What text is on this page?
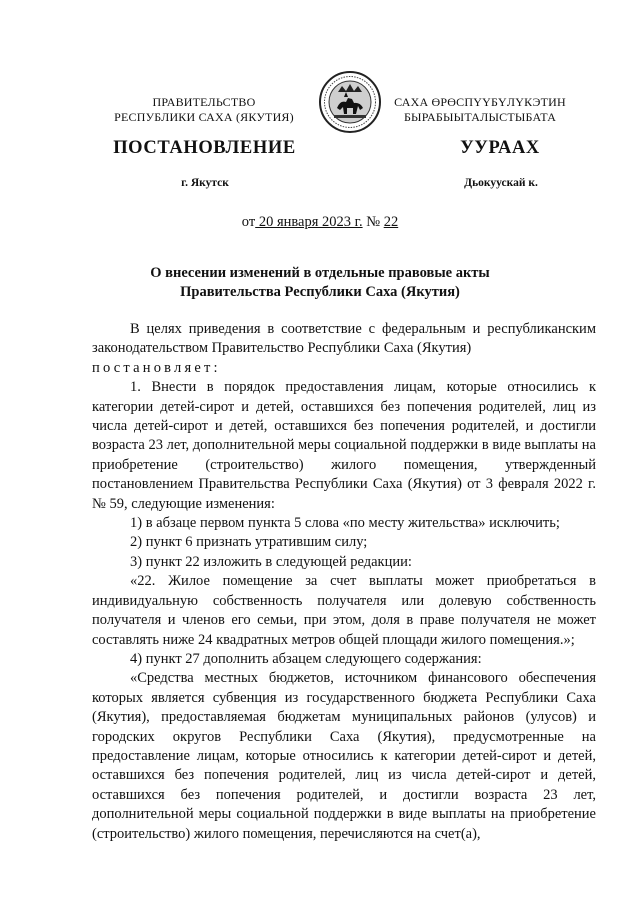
ПРАВИТЕЛЬСТВО
РЕСПУБЛИКИ САХА (ЯКУТИЯ)
САХА ӨРӨСПҮҮБҮЛҮКЭТИН
БЫРАБЫЫТАЛЫСТЫБАТА
ПОСТАНОВЛЕНИЕ	УУРААХ
г. Якутск	Дьокуускай к.
от 20 января 2023 г. № 22
О внесении изменений в отдельные правовые акты
Правительства Республики Саха (Якутия)

В целях приведения в соответствие с федеральным и республиканским законодательством Правительство Республики Саха (Якутия)

постановляет:

1. Внести в порядок предоставления лицам, которые относились к категории детей-сирот и детей, оставшихся без попечения родителей, лиц из числа детей-сирот и детей, оставшихся без попечения родителей, и достигли возраста 23 лет, дополнительной меры социальной поддержки в виде выплаты на приобретение (строительство) жилого помещения, утвержденный постановлением Правительства Республики Саха (Якутия) от 3 февраля 2022 г. № 59, следующие изменения:

1) в абзаце первом пункта 5 слова «по месту жительства» исключить;

2) пункт 6 признать утратившим силу;

3) пункт 22 изложить в следующей редакции:

«22. Жилое помещение за счет выплаты может приобретаться в индивидуальную собственность получателя или долевую собственность получателя и членов его семьи, при этом, доля в праве получателя не может составлять ниже 24 квадратных метров общей площади жилого помещения.»;

4) пункт 27 дополнить абзацем следующего содержания:

«Средства местных бюджетов, источником финансового обеспечения которых является субвенция из государственного бюджета Республики Саха (Якутия), предоставляемая бюджетам муниципальных районов (улусов) и городских округов Республики Саха (Якутия), предусмотренные на предоставление лицам, которые относились к категории детей-сирот и детей, оставшихся без попечения родителей, лиц из числа детей-сирот и детей, оставшихся без попечения родителей, и достигли возраста 23 лет, дополнительной меры социальной поддержки в виде выплаты на приобретение (строительство) жилого помещения, перечисляются на счет(а),
